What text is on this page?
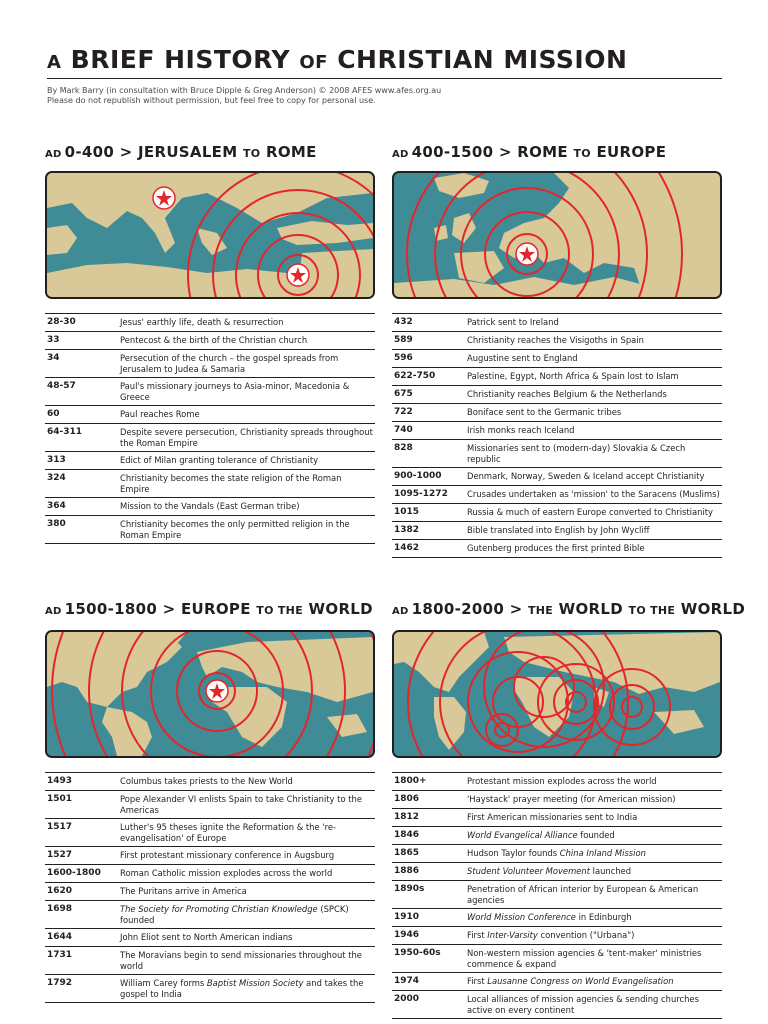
A BRIEF HISTORY OF CHRISTIAN MISSION
By Mark Barry (in consultation with Bruce Dipple & Greg Anderson) © 2008 AFES www.afes.org.au
Please do not republish without permission, but feel free to copy for personal use.
AD 0-400 > JERUSALEM TO ROME
28-30	Jesus' earthly life, death & resurrection
33	Pentecost & the birth of the Christian church
34	Persecution of the church – the gospel spreads from Jerusalem to Judea & Samaria
48-57	Paul's missionary journeys to Asia-minor, Macedonia & Greece
60	Paul reaches Rome
64-311	Despite severe persecution, Christianity spreads throughout the Roman Empire
313	Edict of Milan granting tolerance of Christianity
324	Christianity becomes the state religion of the Roman Empire
364	Mission to the Vandals (East German tribe)
380	Christianity becomes the only permitted religion in the Roman Empire
AD 400-1500 > ROME TO EUROPE
432	Patrick sent to Ireland
589	Christianity reaches the Visigoths in Spain
596	Augustine sent to England
622-750	Palestine, Egypt, North Africa & Spain lost to Islam
675	Christianity reaches Belgium & the Netherlands
722	Boniface sent to the Germanic tribes
740	Irish monks reach Iceland
828	Missionaries sent to (modern-day) Slovakia & Czech republic
900-1000	Denmark, Norway, Sweden & Iceland accept Christianity
1095-1272	Crusades undertaken as 'mission' to the Saracens (Muslims)
1015	Russia & much of eastern Europe converted to Christianity
1382	Bible translated into English by John Wycliff
1462	Gutenberg produces the first printed Bible
AD 1500-1800 > EUROPE TO THE WORLD
1493	Columbus takes priests to the New World
1501	Pope Alexander VI enlists Spain to take Christianity to the Americas
1517	Luther's 95 theses ignite the Reformation & the 're-evangelisation' of Europe
1527	First protestant missionary conference in Augsburg
1600-1800	Roman Catholic mission explodes across the world
1620	The Puritans arrive in America
1698	The Society for Promoting Christian Knowledge (SPCK) founded
1644	John Eliot sent to North American indians
1731	The Moravians begin to send missionaries throughout the world
1792	William Carey forms Baptist Mission Society and takes the gospel to India
AD 1800-2000 > THE WORLD TO THE WORLD
1800+	Protestant mission explodes across the world
1806	'Haystack' prayer meeting (for American mission)
1812	First American missionaries sent to India
1846	World Evangelical Alliance founded
1865	Hudson Taylor founds China Inland Mission
1886	Student Volunteer Movement launched
1890s	Penetration of African interior by European & American agencies
1910	World Mission Conference in Edinburgh
1946	First Inter-Varsity convention ("Urbana")
1950-60s	Non-western mission agencies & 'tent-maker' ministries commence & expand
1974	First Lausanne Congress on World Evangelisation
2000	Local alliances of mission agencies & sending churches active on every continent
